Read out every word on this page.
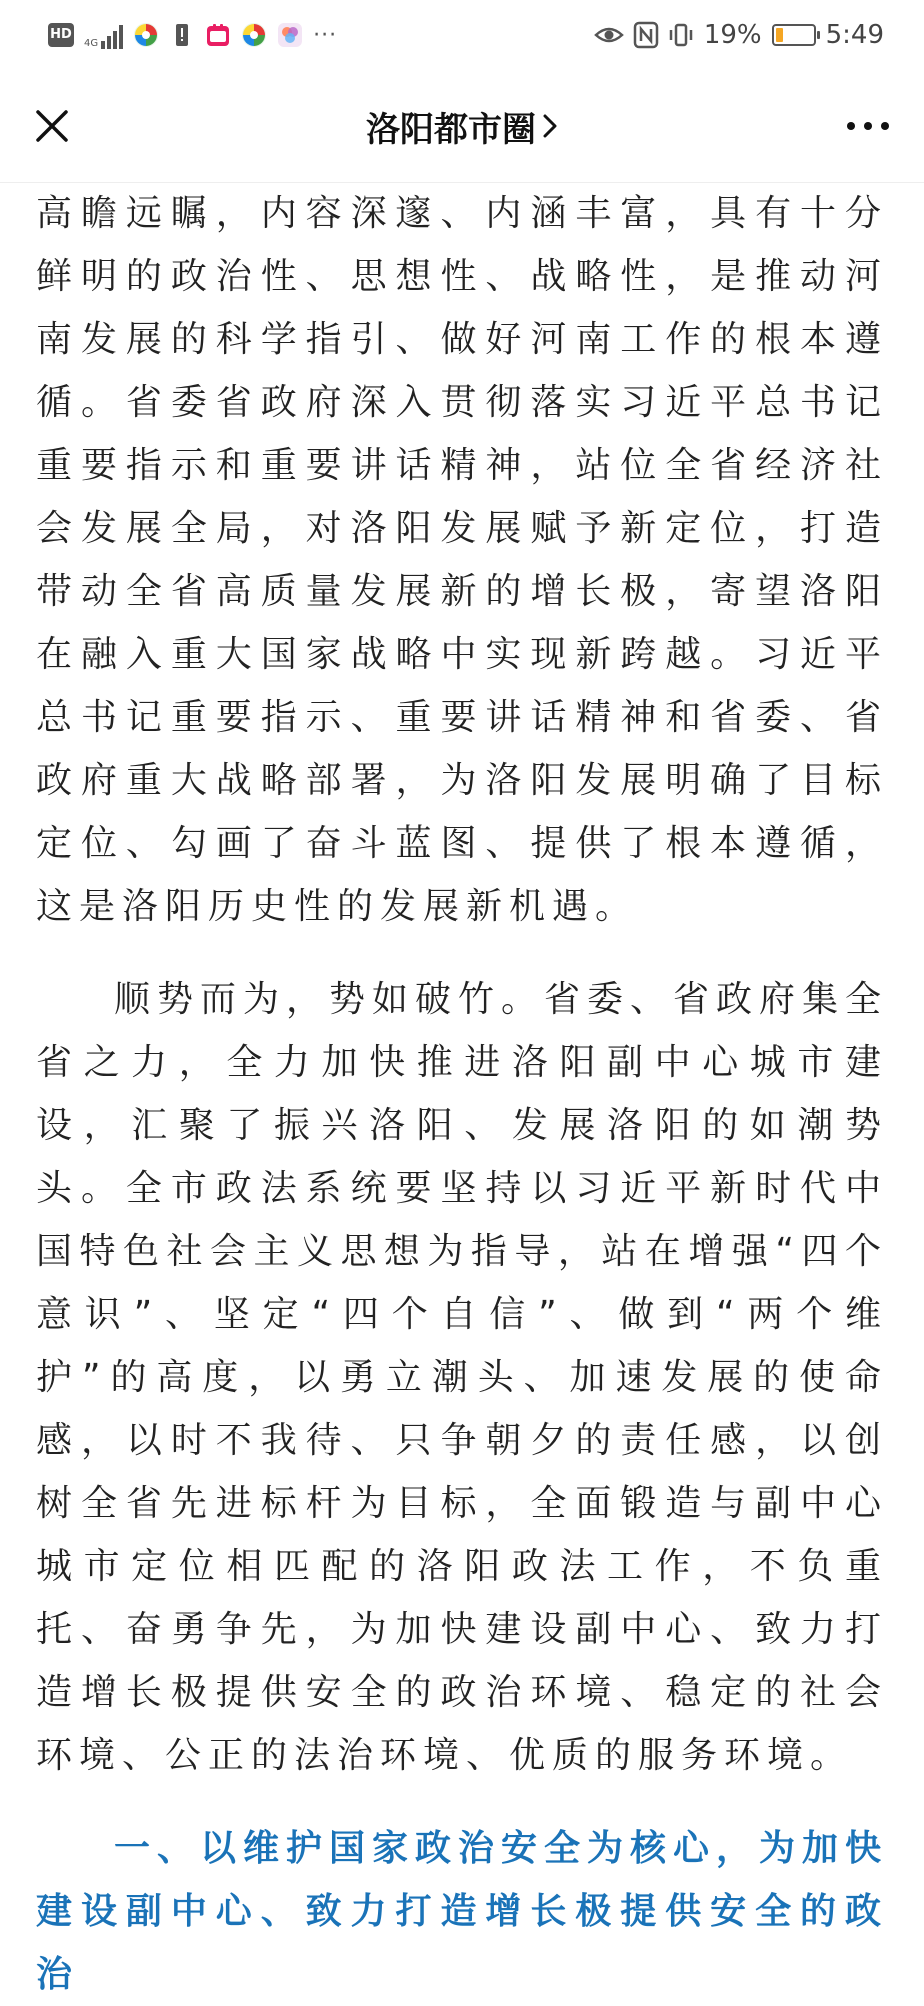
HD
4G	···	19% 5:49
洛阳都市圈

高瞻远瞩，内容深邃、内涵丰富，具有十分鲜明的政治性、思想性、战略性，是推动河南发展的科学指引、做好河南工作的根本遵循。省委省政府深入贯彻落实习近平总书记重要指示和重要讲话精神，站位全省经济社会发展全局，对洛阳发展赋予新定位，打造带动全省高质量发展新的增长极，寄望洛阳在融入重大国家战略中实现新跨越。习近平总书记重要指示、重要讲话精神和省委、省政府重大战略部署，为洛阳发展明确了目标定位、勾画了奋斗蓝图、提供了根本遵循，这是洛阳历史性的发展新机遇。

顺势而为，势如破竹。省委、省政府集全省之力，全力加快推进洛阳副中心城市建设，汇聚了振兴洛阳、发展洛阳的如潮势头。全市政法系统要坚持以习近平新时代中国特色社会主义思想为指导，站在增强“四个意识”、坚定“四个自信”、做到“两个维护”的高度，以勇立潮头、加速发展的使命感，以时不我待、只争朝夕的责任感，以创树全省先进标杆为目标，全面锻造与副中心城市定位相匹配的洛阳政法工作，不负重托、奋勇争先，为加快建设副中心、致力打造增长极提供安全的政治环境、稳定的社会环境、公正的法治环境、优质的服务环境。

一、以维护国家政治安全为核心，为加快建设副中心、致力打造增长极提供安全的政治
